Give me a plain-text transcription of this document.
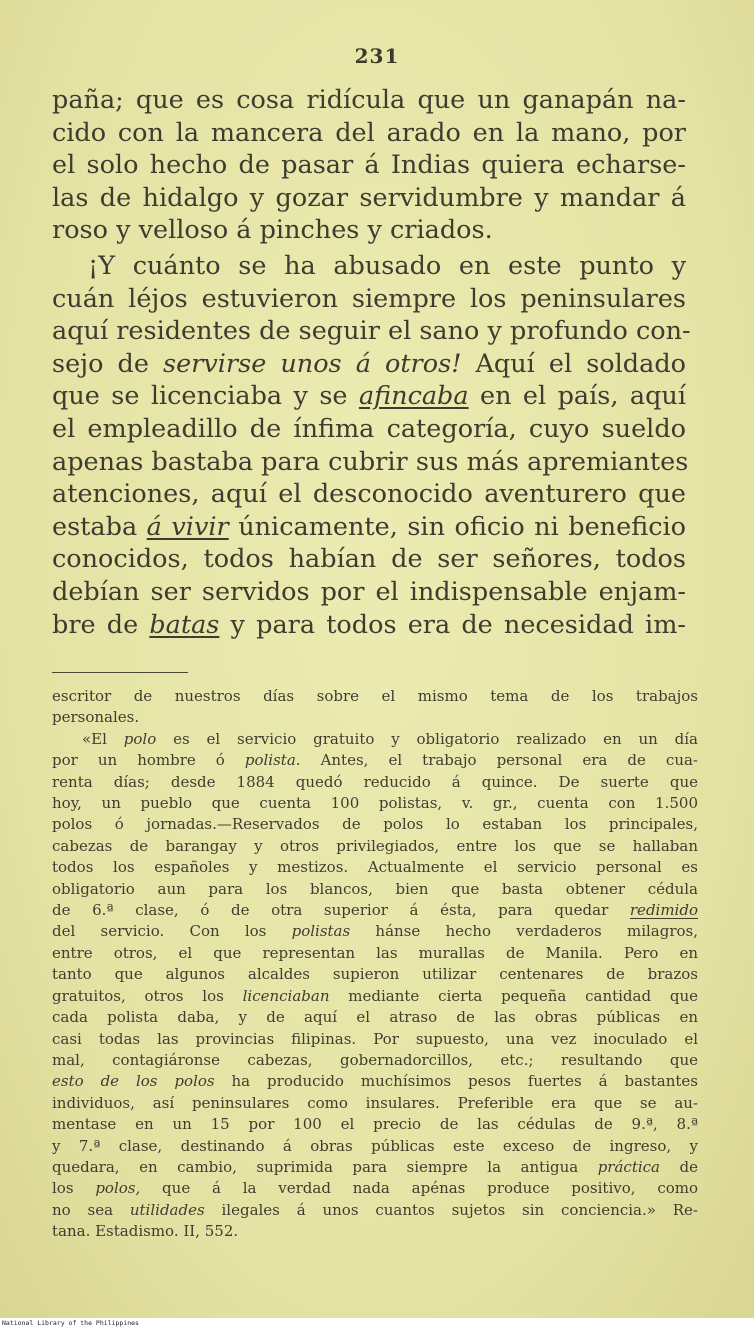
231
paña; que es cosa ridícula que un ganapán na-
cido con la mancera del arado en la mano, por
el solo hecho de pasar á Indias quiera echarse-
las de hidalgo y gozar servidumbre y mandar á
roso y velloso á pinches y criados.
¡Y cuánto se ha abusado en este punto y
cuán léjos estuvieron siempre los peninsulares
aquí residentes de seguir el sano y profundo con-
sejo de servirse unos á otros! Aquí el soldado
que se licenciaba y se afincaba en el país, aquí
el empleadillo de ínfima categoría, cuyo sueldo
apenas bastaba para cubrir sus más apremiantes
atenciones, aquí el desconocido aventurero que
estaba á vivir únicamente, sin oficio ni beneficio
conocidos, todos habían de ser señores, todos
debían ser servidos por el indispensable enjam-
bre de batas y para todos era de necesidad im-
escritor de nuestros días sobre el mismo tema de los trabajos
personales.
«El polo es el servicio gratuito y obligatorio realizado en un día
por un hombre ó polista. Antes, el trabajo personal era de cua-
renta días; desde 1884 quedó reducido á quince. De suerte que
hoy, un pueblo que cuenta 100 polistas, v. gr., cuenta con 1.500
polos ó jornadas.—Reservados de polos lo estaban los principales,
cabezas de barangay y otros privilegiados, entre los que se hallaban
todos los españoles y mestizos. Actualmente el servicio personal es
obligatorio aun para los blancos, bien que basta obtener cédula
de 6.ª clase, ó de otra superior á ésta, para quedar redimido
del servicio. Con los polistas hánse hecho verdaderos milagros,
entre otros, el que representan las murallas de Manila. Pero en
tanto que algunos alcaldes supieron utilizar centenares de brazos
gratuitos, otros los licenciaban mediante cierta pequeña cantidad que
cada polista daba, y de aquí el atraso de las obras públicas en
casi todas las provincias filipinas. Por supuesto, una vez inoculado el
mal, contagiáronse cabezas, gobernadorcillos, etc.; resultando que
esto de los polos ha producido muchísimos pesos fuertes á bastantes
individuos, así peninsulares como insulares. Preferible era que se au-
mentase en un 15 por 100 el precio de las cédulas de 9.ª, 8.ª
y 7.ª clase, destinando á obras públicas este exceso de ingreso, y
quedara, en cambio, suprimida para siempre la antigua práctica de
los polos, que á la verdad nada apénas produce positivo, como
no sea utilidades ilegales á unos cuantos sujetos sin conciencia.» Re-
tana. Estadismo. II, 552.
National Library of the Philippines
